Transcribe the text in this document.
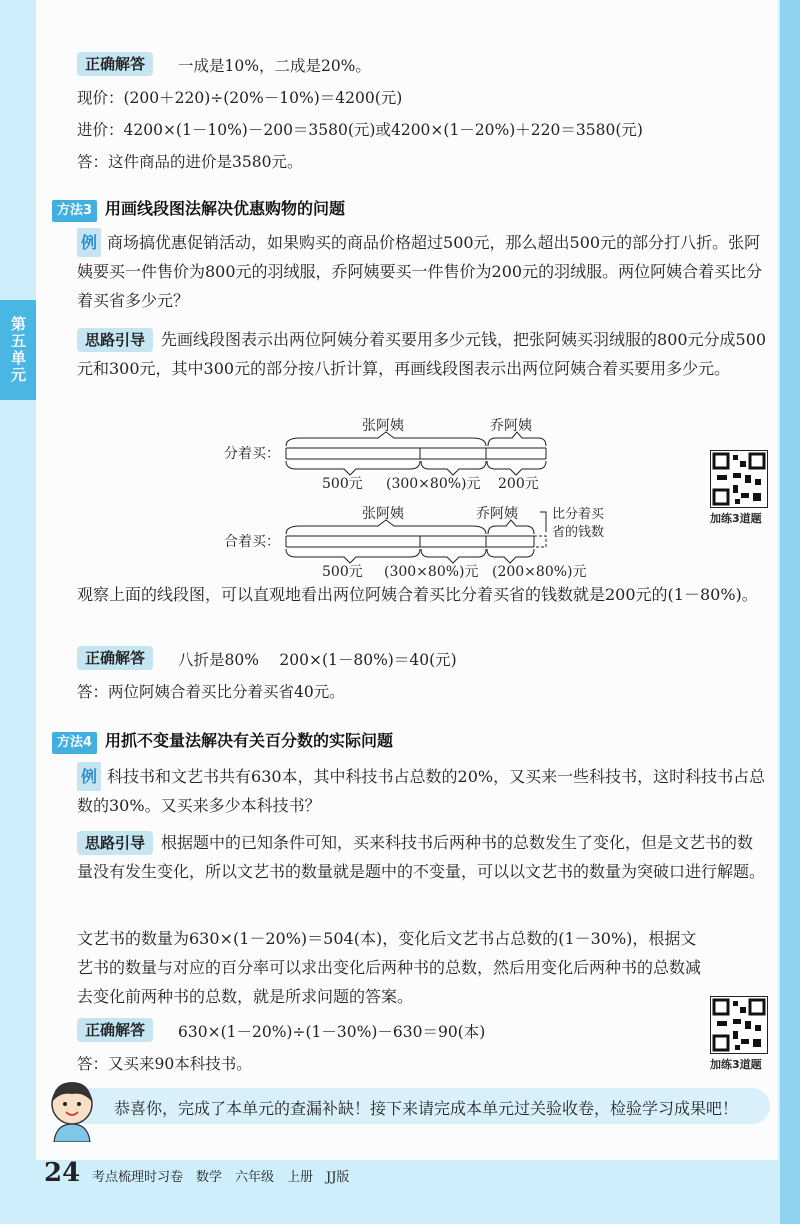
第五单元
正确解答	一成是10%，二成是20%。
现价：(200＋220)÷(20%－10%)＝4200(元)
进价：4200×(1－10%)－200＝3580(元)或4200×(1－20%)＋220＝3580(元)
答：这件商品的进价是3580元。
方法3 用画线段图法解决优惠购物的问题
例 商场搞优惠促销活动，如果购买的商品价格超过500元，那么超出500元的部分打八折。张阿姨要买一件售价为800元的羽绒服，乔阿姨要买一件售价为200元的羽绒服。两位阿姨合着买比分着买省多少元？
思路引导 先画线段图表示出两位阿姨分着买要用多少元钱，把张阿姨买羽绒服的800元分成500元和300元，其中300元的部分按八折计算，再画线段图表示出两位阿姨合着买要用多少元。
分着买：
张阿姨	乔阿姨
500元 (300×80%)元 200元
合着买：
张阿姨	乔阿姨
500元 (300×80%)元 (200×80%)元
比分着买
省的钱数
加练3道题
观察上面的线段图，可以直观地看出两位阿姨合着买比分着买省的钱数就是200元的(1－80%)。
正确解答	八折是80%　 200×(1－80%)＝40(元)
答：两位阿姨合着买比分着买省40元。
方法4 用抓不变量法解决有关百分数的实际问题
例 科技书和文艺书共有630本，其中科技书占总数的20%，又买来一些科技书，这时科技书占总数的30%。又买来多少本科技书？
思路引导 根据题中的已知条件可知，买来科技书后两种书的总数发生了变化，但是文艺书的数量没有发生变化，所以文艺书的数量就是题中的不变量，可以以文艺书的数量为突破口进行解题。
文艺书的数量为630×(1－20%)＝504(本)，变化后文艺书占总数的(1－30%)，根据文艺书的数量与对应的百分率可以求出变化后两种书的总数，然后用变化后两种书的总数减去变化前两种书的总数，就是所求问题的答案。
加练3道题
正确解答	630×(1－20%)÷(1－30%)－630＝90(本)
答：又买来90本科技书。
恭喜你，完成了本单元的查漏补缺！接下来请完成本单元过关验收卷，检验学习成果吧！
24 考点梳理时习卷　数学　六年级　上册　JJ版
